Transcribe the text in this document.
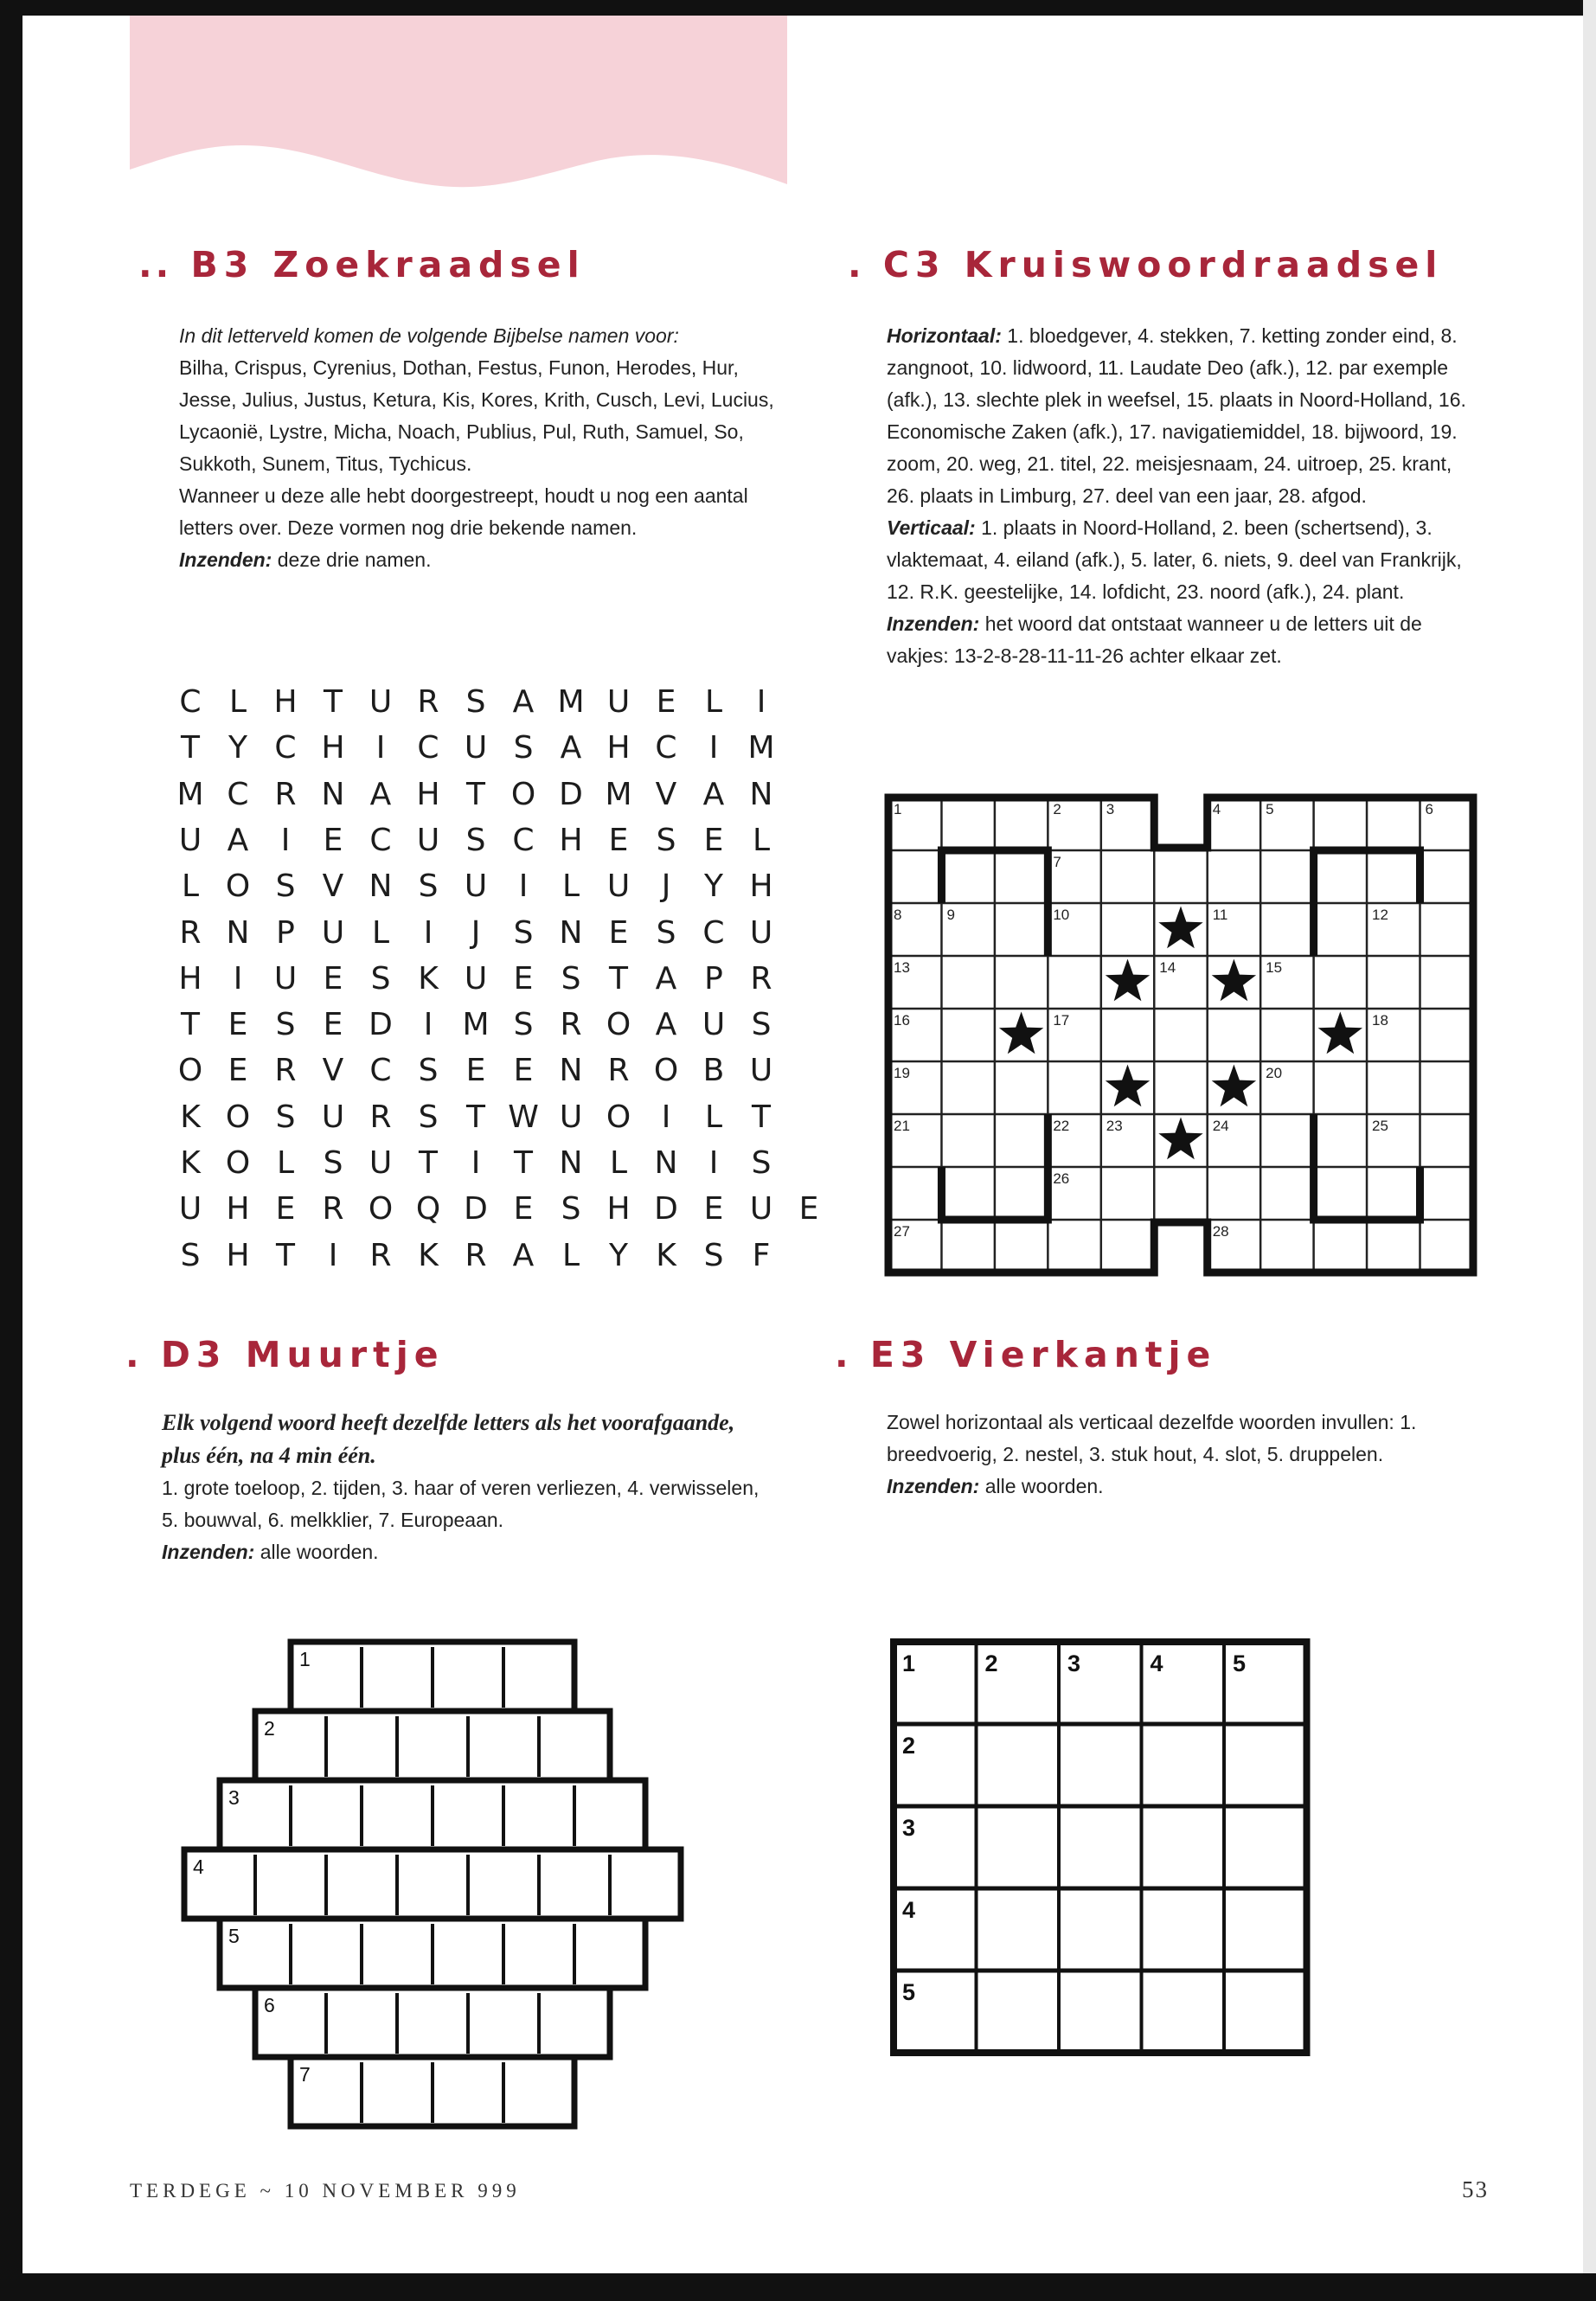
.. B3 Zoekraadsel

In dit letterveld komen de volgende Bijbelse namen voor:

Bilha, Crispus, Cyrenius, Dothan, Festus, Funon, Herodes, Hur, Jesse, Julius, Justus, Ketura, Kis, Kores, Krith, Cusch, Levi, Lucius, Lycaonië, Lystre, Micha, Noach, Publius, Pul, Ruth, Samuel, So, Sukkoth, Sunem, Titus, Tychicus.

Wanneer u deze alle hebt doorgestreept, houdt u nog een aantal letters over. Deze vormen nog drie bekende namen.

Inzenden: deze drie namen.

C L H T U R S A M U E L	I
T Y C H	I	C U S A H C	I M
M C R N A H T O D M V A N
U A	I	E C U S C H E S E L
L O S V N S U	I	L U	J	Y H
R N P U L	I	J	S N E S C U
H	I	U E S K U E S T A P R
T E S E D I M S R O A U S
O E R V C S E E N R O B U
K O S U R S T W U O I	L T
K O L S U T	I	T N L N	I	S
U H E R O Q D E S H D E U E
S H T	I	R K R A L Y K S F
. C3 Kruiswoordraadsel

Horizontaal: 1. bloedgever, 4. stekken, 7. ketting zonder eind, 8. zangnoot, 10. lidwoord, 11. Laudate Deo (afk.), 12. par exemple (afk.), 13. slechte plek in weefsel, 15. plaats in Noord-Holland, 16. Economische Zaken (afk.), 17. navigatiemiddel, 18. bijwoord, 19. zoom, 20. weg, 21. titel, 22. meisjesnaam, 24. uitroep, 25. krant, 26. plaats in Limburg, 27. deel van een jaar, 28. afgod.

Verticaal: 1. plaats in Noord-Holland, 2. been (schertsend), 3. vlaktemaat, 4. eiland (afk.), 5. later, 6. niets, 9. deel van Frankrijk, 12. R.K. geestelijke, 14. lofdicht, 23. noord (afk.), 24. plant.

Inzenden: het woord dat ontstaat wanneer u de letters uit de vakjes: 13-2-8-28-11-11-26 achter elkaar zet.

1	2	3	4	5	6
7
8	9	10	11	12
13	14	15
16	17	18
19	20
21	22	23	24	25
26
27	28
. D3 Muurtje

Elk volgend woord heeft dezelfde letters als het voorafgaande, plus één, na 4 min één.

1. grote toeloop, 2. tijden, 3. haar of veren verliezen, 4. verwisselen, 5. bouwval, 6. melkklier, 7. Europeaan.

Inzenden: alle woorden.

1
2
3
4
5
6
7
. E3 Vierkantje

Zowel horizontaal als verticaal dezelfde woorden invullen: 1. breedvoerig, 2. nestel, 3. stuk hout, 4. slot, 5. druppelen.

Inzenden: alle woorden.

1	2	3	4	5
2
3
4
5

TERDEGE ~ 10 NOVEMBER 999	53
